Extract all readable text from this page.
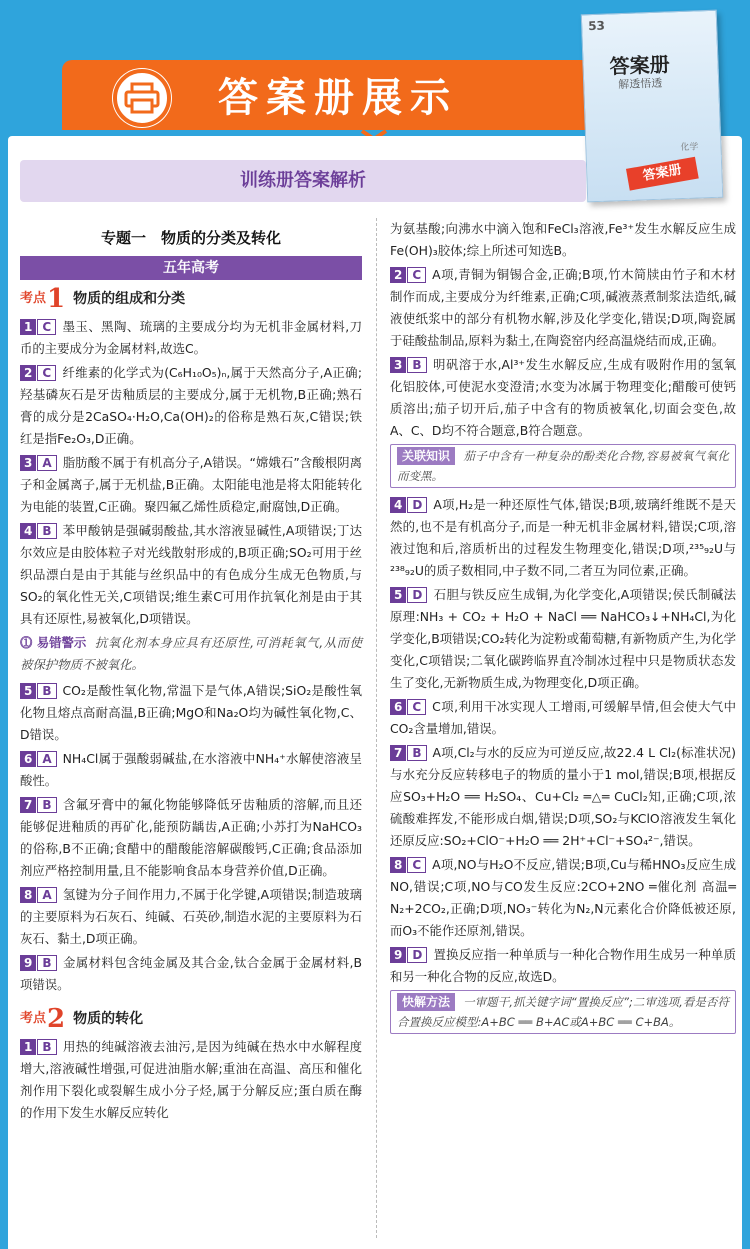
答案册展示
53
答案册
解透悟透
化学
答案册
训练册答案解析
专题一　物质的分类及转化
五年高考
考点 1 物质的组成和分类
1 C 墨玉、黑陶、琉璃的主要成分均为无机非金属材料,刀币的主要成分为金属材料,故选C。
2 C 纤维素的化学式为(C₆H₁₀O₅)ₙ,属于天然高分子,A正确;羟基磷灰石是牙齿釉质层的主要成分,属于无机物,B正确;熟石膏的成分是2CaSO₄·H₂O,Ca(OH)₂的俗称是熟石灰,C错误;铁红是指Fe₂O₃,D正确。
3 A 脂肪酸不属于有机高分子,A错误。“嫦娥石”含酸根阴离子和金属离子,属于无机盐,B正确。太阳能电池是将太阳能转化为电能的装置,C正确。聚四氟乙烯性质稳定,耐腐蚀,D正确。
4 B 苯甲酸钠是强碱弱酸盐,其水溶液显碱性,A项错误;丁达尔效应是由胶体粒子对光线散射形成的,B项正确;SO₂可用于丝织品漂白是由于其能与丝织品中的有色成分生成无色物质,与SO₂的氧化性无关,C项错误;维生素C可用作抗氧化剂是由于其具有还原性,易被氧化,D项错误。
⓵ 易错警示 抗氧化剂本身应具有还原性,可消耗氧气,从而使被保护物质不被氧化。
5 B CO₂是酸性氧化物,常温下是气体,A错误;SiO₂是酸性氧化物且熔点高耐高温,B正确;MgO和Na₂O均为碱性氧化物,C、D错误。
6 A NH₄Cl属于强酸弱碱盐,在水溶液中NH₄⁺水解使溶液呈酸性。
7 B 含氟牙膏中的氟化物能够降低牙齿釉质的溶解,而且还能够促进釉质的再矿化,能预防龋齿,A正确;小苏打为NaHCO₃的俗称,B不正确;食醋中的醋酸能溶解碳酸钙,C正确;食品添加剂应严格控制用量,且不能影响食品本身营养价值,D正确。
8 A 氢键为分子间作用力,不属于化学键,A项错误;制造玻璃的主要原料为石灰石、纯碱、石英砂,制造水泥的主要原料为石灰石、黏土,D项正确。
9 B 金属材料包含纯金属及其合金,钛合金属于金属材料,B项错误。
考点 2 物质的转化
1 B 用热的纯碱溶液去油污,是因为纯碱在热水中水解程度增大,溶液碱性增强,可促进油脂水解;重油在高温、高压和催化剂作用下裂化或裂解生成小分子烃,属于分解反应;蛋白质在酶的作用下发生水解反应转化
为氨基酸;向沸水中滴入饱和FeCl₃溶液,Fe³⁺发生水解反应生成Fe(OH)₃胶体;综上所述可知选B。
2 C A项,青铜为铜锡合金,正确;B项,竹木简牍由竹子和木材制作而成,主要成分为纤维素,正确;C项,碱液蒸煮制浆法造纸,碱液使纸浆中的部分有机物水解,涉及化学变化,错误;D项,陶瓷属于硅酸盐制品,原料为黏土,在陶瓷窑内经高温烧结而成,正确。
3 B 明矾溶于水,Al³⁺发生水解反应,生成有吸附作用的氢氧化铝胶体,可使泥水变澄清;水变为冰属于物理变化;醋酸可使钙质溶出;茄子切开后,茄子中含有的物质被氧化,切面会变色,故A、C、D均不符合题意,B符合题意。
关联知识 茄子中含有一种复杂的酚类化合物,容易被氧气氧化而变黑。
4 D A项,H₂是一种还原性气体,错误;B项,玻璃纤维既不是天然的,也不是有机高分子,而是一种无机非金属材料,错误;C项,溶液过饱和后,溶质析出的过程发生物理变化,错误;D项,²³⁵₉₂U与²³⁸₉₂U的质子数相同,中子数不同,二者互为同位素,正确。
5 D 石胆与铁反应生成铜,为化学变化,A项错误;侯氏制碱法原理:NH₃ + CO₂ + H₂O + NaCl ══ NaHCO₃↓+NH₄Cl,为化学变化,B项错误;CO₂转化为淀粉或葡萄糖,有新物质产生,为化学变化,C项错误;二氧化碳跨临界直冷制冰过程中只是物质状态发生了变化,无新物质生成,为物理变化,D项正确。
6 C C项,利用干冰实现人工增雨,可缓解旱情,但会使大气中CO₂含量增加,错误。
7 B A项,Cl₂与水的反应为可逆反应,故22.4 L Cl₂(标准状况)与水充分反应转移电子的物质的量小于1 mol,错误;B项,根据反应SO₃+H₂O ══ H₂SO₄、Cu+Cl₂ ═△═ CuCl₂知,正确;C项,浓硫酸难挥发,不能形成白烟,错误;D项,SO₂与KClO溶液发生氧化还原反应:SO₂+ClO⁻+H₂O ══ 2H⁺+Cl⁻+SO₄²⁻,错误。
8 C A项,NO与H₂O不反应,错误;B项,Cu与稀HNO₃反应生成NO,错误;C项,NO与CO发生反应:2CO+2NO ═催化剂 高温═ N₂+2CO₂,正确;D项,NO₃⁻转化为N₂,N元素化合价降低被还原,而O₃不能作还原剂,错误。
9 D 置换反应指一种单质与一种化合物作用生成另一种单质和另一种化合物的反应,故选D。
快解方法 一审题干,抓关键字词“置换反应”;二审选项,看是否符合置换反应模型:A+BC ══ B+AC或A+BC ══ C+BA。
